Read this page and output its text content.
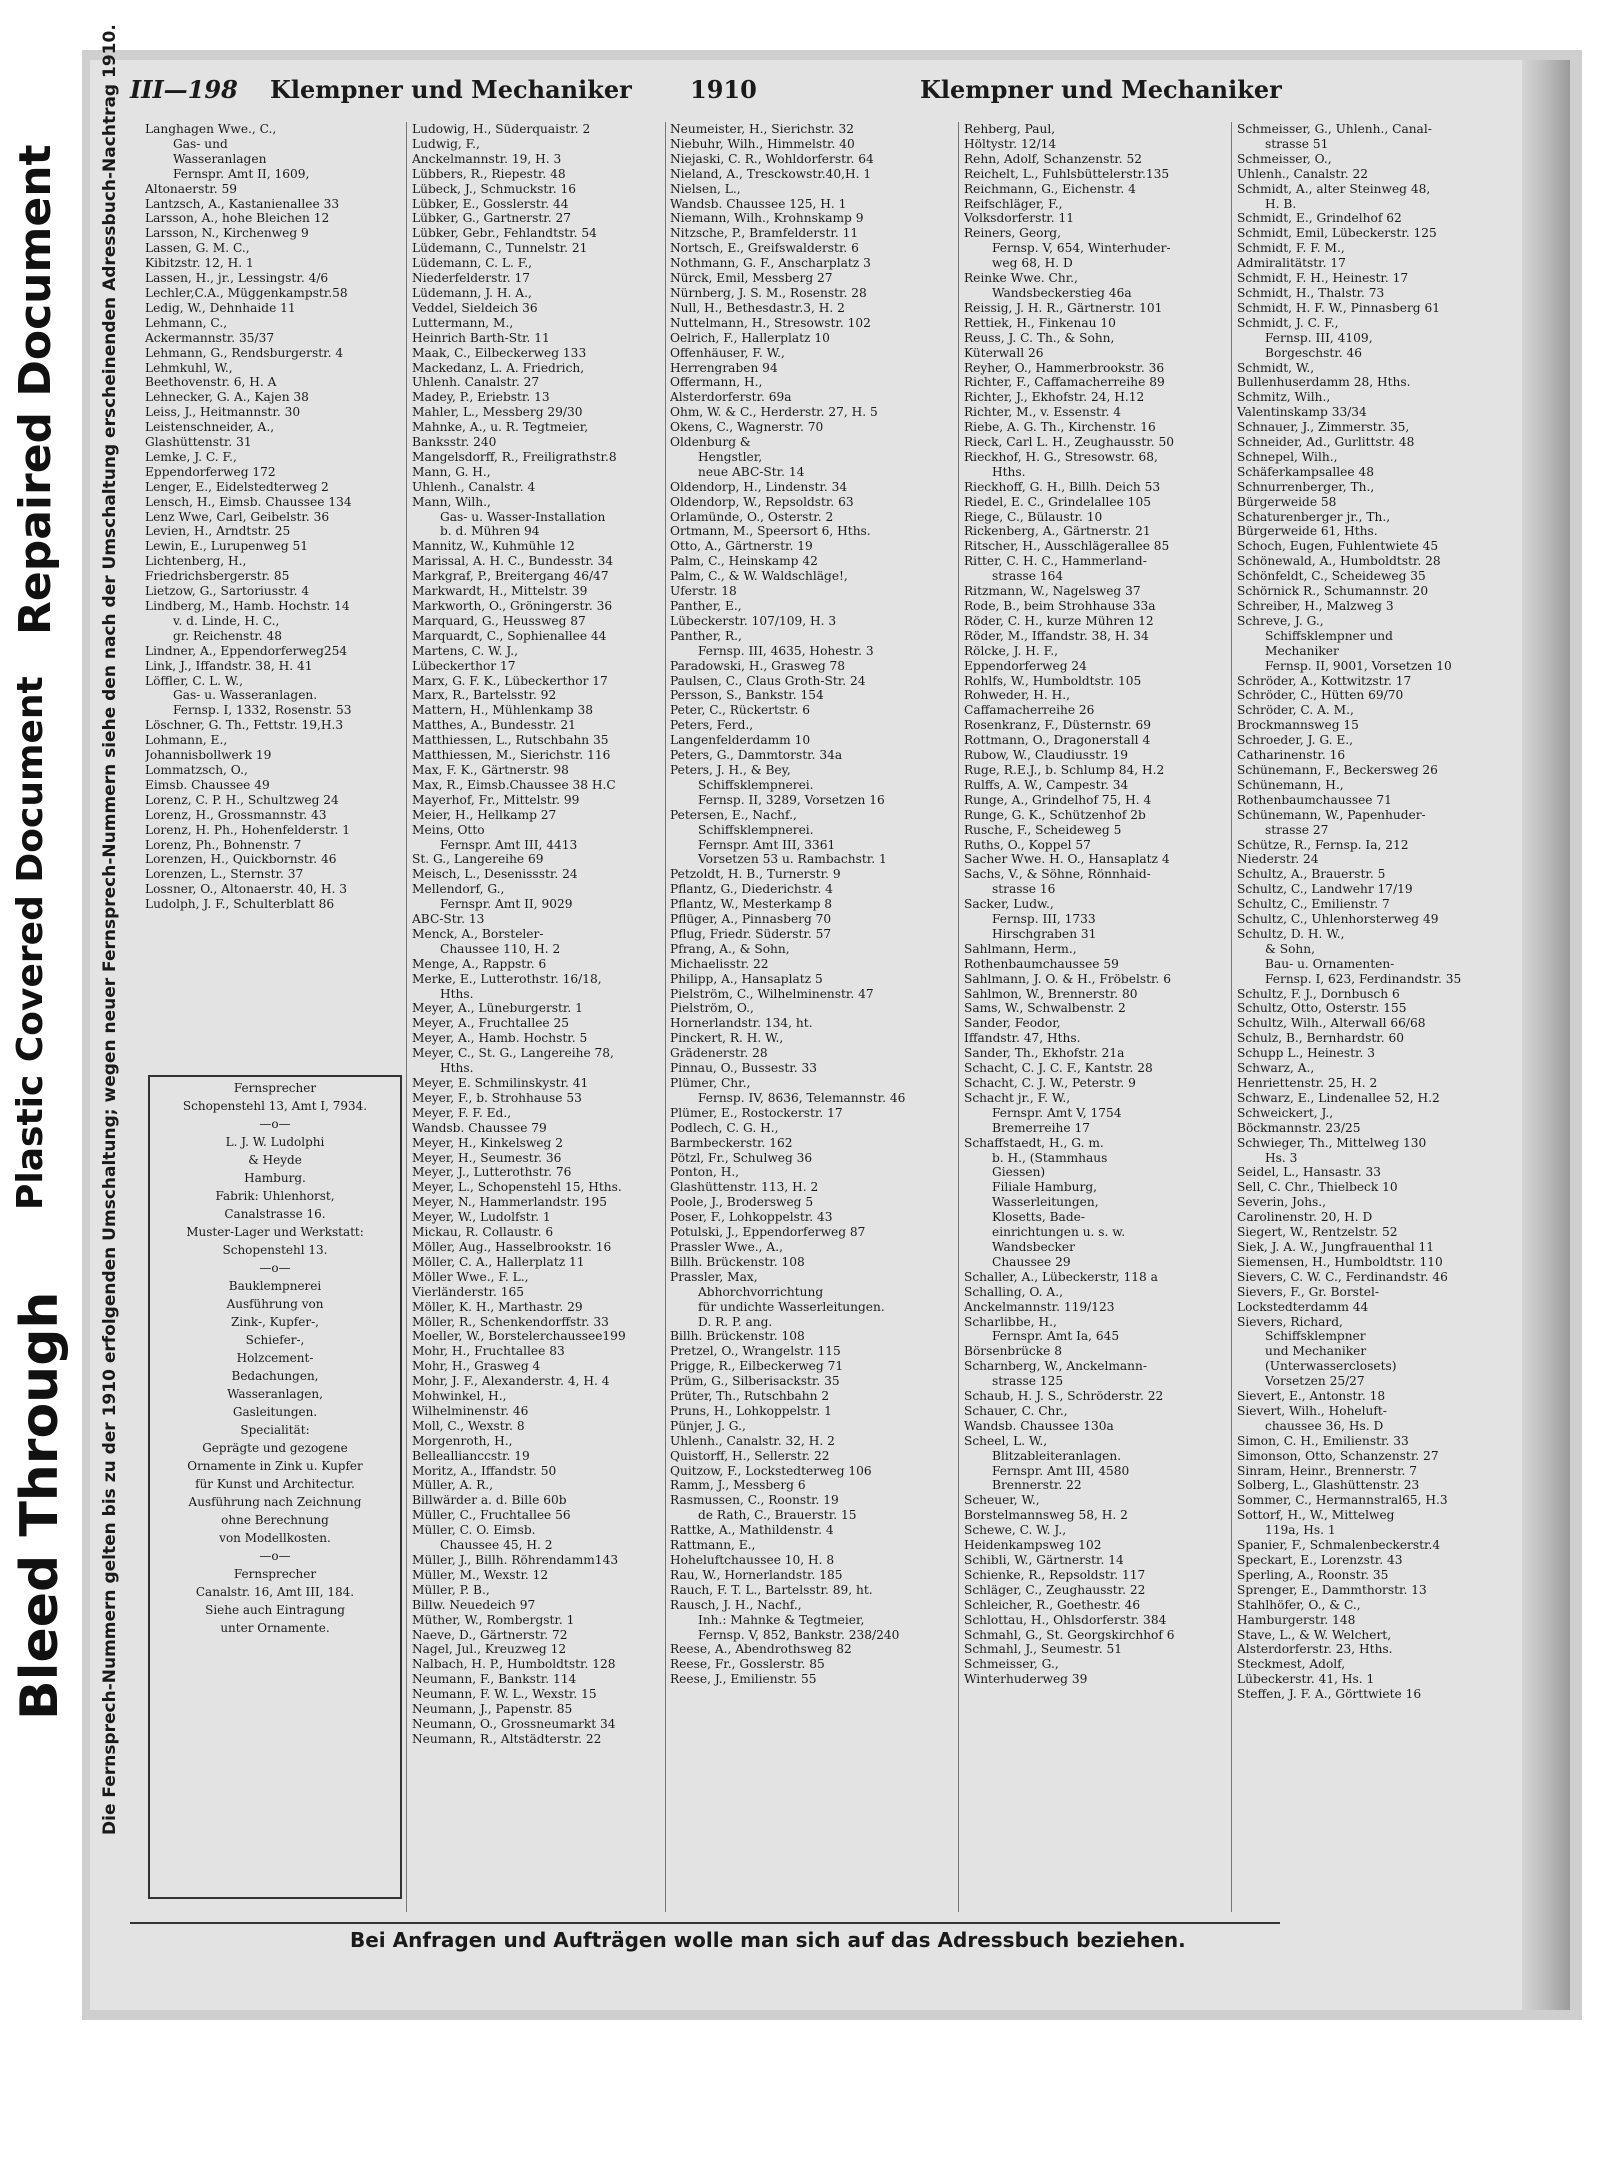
Bleed Through
Plastic Covered Document
Repaired Document
III—198 Klempner und Mechaniker 1910	Klempner und Mechaniker
Die Fernsprech-Nummern gelten bis zu der 1910 erfolgenden Umschaltung; wegen neuer Fernsprech-Nummern siehe den nach der Umschaltung erscheinenden Adressbuch-Nachtrag 1910. Langhagen Wwe., C.,
Gas- und
Wasseranlagen
Fernspr. Amt II, 1609,
Altonaerstr. 59
Lantzsch, A., Kastanienallee 33
Larsson, A., hohe Bleichen 12
Larsson, N., Kirchenweg 9
Lassen, G. M. C.,
Kibitzstr. 12, H. 1
Lassen, H., jr., Lessingstr. 4/6
Lechler,C.A., Müggenkampstr.58
Ledig, W., Dehnhaide 11
Lehmann, C.,
Ackermannstr. 35/37
Lehmann, G., Rendsburgerstr. 4
Lehmkuhl, W.,
Beethovenstr. 6, H. A
Lehnecker, G. A., Kajen 38
Leiss, J., Heitmannstr. 30
Leistenschneider, A.,
Glashüttenstr. 31
Lemke, J. C. F.,
Eppendorferweg 172
Lenger, E., Eidelstedterweg 2
Lensch, H., Eimsb. Chaussee 134
Lenz Wwe, Carl, Geibelstr. 36
Levien, H., Arndtstr. 25
Lewin, E., Lurupenweg 51
Lichtenberg, H.,
Friedrichsbergerstr. 85
Lietzow, G., Sartoriusstr. 4
Lindberg, M., Hamb. Hochstr. 14
v. d. Linde, H. C.,
gr. Reichenstr. 48
Lindner, A., Eppendorferweg254
Link, J., Iffandstr. 38, H. 41
Löffler, C. L. W.,
Gas- u. Wasseranlagen.
Fernsp. I, 1332, Rosenstr. 53
Löschner, G. Th., Fettstr. 19,H.3
Lohmann, E.,
Johannisbollwerk 19
Lommatzsch, O.,
Eimsb. Chaussee 49
Lorenz, C. P. H., Schultzweg 24
Lorenz, H., Grossmannstr. 43
Lorenz, H. Ph., Hohenfelderstr. 1
Lorenz, Ph., Bohnenstr. 7
Lorenzen, H., Quickbornstr. 46
Lorenzen, L., Sternstr. 37
Lossner, O., Altonaerstr. 40, H. 3
Ludolph, J. F., Schulterblatt 86
Ludowig, H., Süderquaistr. 2
Ludwig, F.,
Anckelmannstr. 19, H. 3
Lübbers, R., Riepestr. 48
Lübeck, J., Schmuckstr. 16
Lübker, E., Gosslerstr. 44
Lübker, G., Gartnerstr. 27
Lübker, Gebr., Fehlandtstr. 54
Lüdemann, C., Tunnelstr. 21
Lüdemann, C. L. F.,
Niederfelderstr. 17
Lüdemann, J. H. A.,
Veddel, Sieldeich 36
Luttermann, M.,
Heinrich Barth-Str. 11
Maak, C., Eilbeckerweg 133
Mackedanz, L. A. Friedrich,
Uhlenh. Canalstr. 27
Madey, P., Eriebstr. 13
Mahler, L., Messberg 29/30
Mahnke, A., u. R. Tegtmeier,
Banksstr. 240
Mangelsdorff, R., Freiligrathstr.8
Mann, G. H.,
Uhlenh., Canalstr. 4
Mann, Wilh.,
Gas- u. Wasser-Installation
b. d. Mühren 94
Mannitz, W., Kuhmühle 12
Marissal, A. H. C., Bundesstr. 34
Markgraf, P., Breitergang 46/47
Markwardt, H., Mittelstr. 39
Markworth, O., Gröningerstr. 36
Marquard, G., Heussweg 87
Marquardt, C., Sophienallee 44
Martens, C. W. J.,
Lübeckerthor 17
Marx, G. F. K., Lübeckerthor 17
Marx, R., Bartelsstr. 92
Mattern, H., Mühlenkamp 38
Matthes, A., Bundesstr. 21
Matthiessen, L., Rutschbahn 35
Matthiessen, M., Sierichstr. 116
Max, F. K., Gärtnerstr. 98
Max, R., Eimsb.Chaussee 38 H.C
Mayerhof, Fr., Mittelstr. 99
Meier, H., Hellkamp 27
Meins, Otto
Fernspr. Amt III, 4413
St. G., Langereihe 69
Meisch, L., Desenissstr. 24
Mellendorf, G.,
Fernspr. Amt II, 9029
ABC-Str. 13
Menck, A., Borsteler-
Chaussee 110, H. 2
Menge, A., Rappstr. 6
Merke, E., Lutterothstr. 16/18,
Hths.
Meyer, A., Lüneburgerstr. 1
Meyer, A., Fruchtallee 25
Meyer, A., Hamb. Hochstr. 5
Meyer, C., St. G., Langereihe 78,
Hths.
Meyer, E. Schmilinskystr. 41
Meyer, F., b. Strohhause 53
Meyer, F. F. Ed.,
Wandsb. Chaussee 79
Meyer, H., Kinkelsweg 2
Meyer, H., Seumestr. 36
Meyer, J., Lutterothstr. 76
Meyer, L., Schopenstehl 15, Hths.
Meyer, N., Hammerlandstr. 195
Meyer, W., Ludolfstr. 1
Mickau, R. Collaustr. 6
Möller, Aug., Hasselbrookstr. 16
Möller, C. A., Hallerplatz 11
Möller Wwe., F. L.,
Vierländerstr. 165
Möller, K. H., Marthastr. 29
Möller, R., Schenkendorffstr. 33
Moeller, W., Borstelerchaussee199
Mohr, H., Fruchtallee 83
Mohr, H., Grasweg 4
Mohr, J. F., Alexanderstr. 4, H. 4
Mohwinkel, H.,
Wilhelminenstr. 46
Moll, C., Wexstr. 8
Morgenroth, H.,
Belleallianccstr. 19
Moritz, A., Iffandstr. 50
Müller, A. R.,
Billwärder a. d. Bille 60b
Müller, C., Fruchtallee 56
Müller, C. O. Eimsb.
Chaussee 45, H. 2
Müller, J., Billh. Röhrendamm143
Müller, M., Wexstr. 12
Müller, P. B.,
Billw. Neuedeich 97
Müther, W., Rombergstr. 1
Naeve, D., Gärtnerstr. 72
Nagel, Jul., Kreuzweg 12
Nalbach, H. P., Humboldtstr. 128
Neumann, F., Bankstr. 114
Neumann, F. W. L., Wexstr. 15
Neumann, J., Papenstr. 85
Neumann, O., Grossneumarkt 34
Neumann, R., Altstädterstr. 22
Neumeister, H., Sierichstr. 32
Niebuhr, Wilh., Himmelstr. 40
Niejaski, C. R., Wohldorferstr. 64
Nieland, A., Tresckowstr.40,H. 1
Nielsen, L.,
Wandsb. Chaussee 125, H. 1
Niemann, Wilh., Krohnskamp 9
Nitzsche, P., Bramfelderstr. 11
Nortsch, E., Greifswalderstr. 6
Nothmann, G. F., Anscharplatz 3
Nürck, Emil, Messberg 27
Nürnberg, J. S. M., Rosenstr. 28
Null, H., Bethesdastr.3, H. 2
Nuttelmann, H., Stresowstr. 102
Oelrich, F., Hallerplatz 10
Offenhäuser, F. W.,
Herrengraben 94
Offermann, H.,
Alsterdorferstr. 69a
Ohm, W. & C., Herderstr. 27, H. 5
Okens, C., Wagnerstr. 70
Oldenburg &
Hengstler,
neue ABC-Str. 14
Oldendorp, H., Lindenstr. 34
Oldendorp, W., Repsoldstr. 63
Orlamünde, O., Osterstr. 2
Ortmann, M., Speersort 6, Hths.
Otto, A., Gärtnerstr. 19
Palm, C., Heinskamp 42
Palm, C., & W. Waldschläge!,
Uferstr. 18
Panther, E.,
Lübeckerstr. 107/109, H. 3
Panther, R.,
Fernsp. III, 4635, Hohestr. 3
Paradowski, H., Grasweg 78
Paulsen, C., Claus Groth-Str. 24
Persson, S., Bankstr. 154
Peter, C., Rückertstr. 6
Peters, Ferd.,
Langenfelderdamm 10
Peters, G., Dammtorstr. 34a
Peters, J. H., & Bey,
Schiffsklempnerei.
Fernsp. II, 3289, Vorsetzen 16
Petersen, E., Nachf.,
Schiffsklempnerei.
Fernspr. Amt III, 3361
Vorsetzen 53 u. Rambachstr. 1
Petzoldt, H. B., Turnerstr. 9
Pflantz, G., Diederichstr. 4
Pflantz, W., Mesterkamp 8
Pflüger, A., Pinnasberg 70
Pflug, Friedr. Süderstr. 57
Pfrang, A., & Sohn,
Michaelisstr. 22
Philipp, A., Hansaplatz 5
Pielström, C., Wilhelminenstr. 47
Pielström, O.,
Hornerlandstr. 134, ht.
Pinckert, R. H. W.,
Grädenerstr. 28
Pinnau, O., Bussestr. 33
Plümer, Chr.,
Fernsp. IV, 8636, Telemannstr. 46
Plümer, E., Rostockerstr. 17
Podlech, C. G. H.,
Barmbeckerstr. 162
Pötzl, Fr., Schulweg 36
Ponton, H.,
Glashüttenstr. 113, H. 2
Poole, J., Brodersweg 5
Poser, F., Lohkoppelstr. 43
Potulski, J., Eppendorferweg 87
Prassler Wwe., A.,
Billh. Brückenstr. 108
Prassler, Max,
Abhorchvorrichtung
für undichte Wasserleitungen.
D. R. P. ang.
Billh. Brückenstr. 108
Pretzel, O., Wrangelstr. 115
Prigge, R., Eilbeckerweg 71
Prüm, G., Silberisackstr. 35
Prüter, Th., Rutschbahn 2
Pruns, H., Lohkoppelstr. 1
Pünjer, J. G.,
Uhlenh., Canalstr. 32, H. 2
Quistorff, H., Sellerstr. 22
Quitzow, F., Lockstedterweg 106
Ramm, J., Messberg 6
Rasmussen, C., Roonstr. 19
de Rath, C., Brauerstr. 15
Rattke, A., Mathildenstr. 4
Rattmann, E.,
Hoheluftchaussee 10, H. 8
Rau, W., Hornerlandstr. 185
Rauch, F. T. L., Bartelsstr. 89, ht.
Rausch, J. H., Nachf.,
Inh.: Mahnke & Tegtmeier,
Fernsp. V, 852, Bankstr. 238/240
Reese, A., Abendrothsweg 82
Reese, Fr., Gosslerstr. 85
Reese, J., Emilienstr. 55
Rehberg, Paul,
Höltystr. 12/14
Rehn, Adolf, Schanzenstr. 52
Reichelt, L., Fuhlsbüttelerstr.135
Reichmann, G., Eichenstr. 4
Reifschläger, F.,
Volksdorferstr. 11
Reiners, Georg,
Fernsp. V, 654, Winterhuder-
weg 68, H. D
Reinke Wwe. Chr.,
Wandsbeckerstieg 46a
Reissig, J. H. R., Gärtnerstr. 101
Rettiek, H., Finkenau 10
Reuss, J. C. Th., & Sohn,
Küterwall 26
Reyher, O., Hammerbrookstr. 36
Richter, F., Caffamacherreihe 89
Richter, J., Ekhofstr. 24, H.12
Richter, M., v. Essenstr. 4
Riebe, A. G. Th., Kirchenstr. 16
Rieck, Carl L. H., Zeughausstr. 50
Rieckhof, H. G., Stresowstr. 68,
Hths.
Rieckhoff, G. H., Billh. Deich 53
Riedel, E. C., Grindelallee 105
Riege, C., Bülaustr. 10
Rickenberg, A., Gärtnerstr. 21
Ritscher, H., Ausschlägerallee 85
Ritter, C. H. C., Hammerland-
strasse 164
Ritzmann, W., Nagelsweg 37
Rode, B., beim Strohhause 33a
Röder, C. H., kurze Mühren 12
Röder, M., Iffandstr. 38, H. 34
Rölcke, J. H. F.,
Eppendorferweg 24
Rohlfs, W., Humboldtstr. 105
Rohweder, H. H.,
Caffamacherreihe 26
Rosenkranz, F., Düsternstr. 69
Rottmann, O., Dragonerstall 4
Rubow, W., Claudiusstr. 19
Ruge, R.E.J., b. Schlump 84, H.2
Rulffs, A. W., Campestr. 34
Runge, A., Grindelhof 75, H. 4
Runge, G. K., Schützenhof 2b
Rusche, F., Scheideweg 5
Ruths, O., Koppel 57
Sacher Wwe. H. O., Hansaplatz 4
Sachs, V., & Söhne, Rönnhaid-
strasse 16
Sacker, Ludw.,
Fernsp. III, 1733
Hirschgraben 31
Sahlmann, Herm.,
Rothenbaumchaussee 59
Sahlmann, J. O. & H., Fröbelstr. 6
Sahlmon, W., Brennerstr. 80
Sams, W., Schwalbenstr. 2
Sander, Feodor,
Iffandstr. 47, Hths.
Sander, Th., Ekhofstr. 21a
Schacht, C. J. C. F., Kantstr. 28
Schacht, C. J. W., Peterstr. 9
Schacht jr., F. W.,
Fernspr. Amt V, 1754
Bremerreihe 17
Schaffstaedt, H., G. m.
b. H., (Stammhaus
Giessen)
Filiale Hamburg,
Wasserleitungen,
Klosetts, Bade-
einrichtungen u. s. w.
Wandsbecker
Chaussee 29
Schaller, A., Lübeckerstr, 118 a
Schalling, O. A.,
Anckelmannstr. 119/123
Scharlibbe, H.,
Fernspr. Amt Ia, 645
Börsenbrücke 8
Scharnberg, W., Anckelmann-
strasse 125
Schaub, H. J. S., Schröderstr. 22
Schauer, C. Chr.,
Wandsb. Chaussee 130a
Scheel, L. W.,
Blitzableiteranlagen.
Fernspr. Amt III, 4580
Brennerstr. 22
Scheuer, W.,
Borstelmannsweg 58, H. 2
Schewe, C. W. J.,
Heidenkampsweg 102
Schibli, W., Gärtnerstr. 14
Schienke, R., Repsoldstr. 117
Schläger, C., Zeughausstr. 22
Schleicher, R., Goethestr. 46
Schlottau, H., Ohlsdorferstr. 384
Schmahl, G., St. Georgskirchhof 6
Schmahl, J., Seumestr. 51
Schmeisser, G.,
Winterhuderweg 39
Schmeisser, G., Uhlenh., Canal-
strasse 51
Schmeisser, O.,
Uhlenh., Canalstr. 22
Schmidt, A., alter Steinweg 48,
H. B.
Schmidt, E., Grindelhof 62
Schmidt, Emil, Lübeckerstr. 125
Schmidt, F. F. M.,
Admiralitätstr. 17
Schmidt, F. H., Heinestr. 17
Schmidt, H., Thalstr. 73
Schmidt, H. F. W., Pinnasberg 61
Schmidt, J. C. F.,
Fernsp. III, 4109,
Borgeschstr. 46
Schmidt, W.,
Bullenhuserdamm 28, Hths.
Schmitz, Wilh.,
Valentinskamp 33/34
Schnauer, J., Zimmerstr. 35,
Schneider, Ad., Gurlittstr. 48
Schnepel, Wilh.,
Schäferkampsallee 48
Schnurrenberger, Th.,
Bürgerweide 58
Schaturenberger jr., Th.,
Bürgerweide 61, Hths.
Schoch, Eugen, Fuhlentwiete 45
Schönewald, A., Humboldtstr. 28
Schönfeldt, C., Scheideweg 35
Schörnick R., Schumannstr. 20
Schreiber, H., Malzweg 3
Schreve, J. G.,
Schiffsklempner und
Mechaniker
Fernsp. II, 9001, Vorsetzen 10
Schröder, A., Kottwitzstr. 17
Schröder, C., Hütten 69/70
Schröder, C. A. M.,
Brockmannsweg 15
Schroeder, J. G. E.,
Catharinenstr. 16
Schünemann, F., Beckersweg 26
Schünemann, H.,
Rothenbaumchaussee 71
Schünemann, W., Papenhuder-
strasse 27
Schütze, R., Fernsp. Ia, 212
Niederstr. 24
Schultz, A., Brauerstr. 5
Schultz, C., Landwehr 17/19
Schultz, C., Emilienstr. 7
Schultz, C., Uhlenhorsterweg 49
Schultz, D. H. W.,
& Sohn,
Bau- u. Ornamenten-
Fernsp. I, 623, Ferdinandstr. 35
Schultz, F. J., Dornbusch 6
Schultz, Otto, Osterstr. 155
Schultz, Wilh., Alterwall 66/68
Schulz, B., Bernhardstr. 60
Schupp L., Heinestr. 3
Schwarz, A.,
Henriettenstr. 25, H. 2
Schwarz, E., Lindenallee 52, H.2
Schweickert, J.,
Böckmannstr. 23/25
Schwieger, Th., Mittelweg 130
Hs. 3
Seidel, L., Hansastr. 33
Sell, C. Chr., Thielbeck 10
Severin, Johs.,
Carolinenstr. 20, H. D
Siegert, W., Rentzelstr. 52
Siek, J. A. W., Jungfrauenthal 11
Siemensen, H., Humboldtstr. 110
Sievers, C. W. C., Ferdinandstr. 46
Sievers, F., Gr. Borstel-
Lockstedterdamm 44
Sievers, Richard,
Schiffsklempner
und Mechaniker
(Unterwasserclosets)
Vorsetzen 25/27
Sievert, E., Antonstr. 18
Sievert, Wilh., Hoheluft-
chaussee 36, Hs. D
Simon, C. H., Emilienstr. 33
Simonson, Otto, Schanzenstr. 27
Sinram, Heinr., Brennerstr. 7
Solberg, L., Glashüttenstr. 23
Sommer, C., Hermannstral65, H.3
Sottorf, H., W., Mittelweg
119a, Hs. 1
Spanier, F., Schmalenbeckerstr.4
Speckart, E., Lorenzstr. 43
Sperling, A., Roonstr. 35
Sprenger, E., Dammthorstr. 13
Stahlhöfer, O., & C.,
Hamburgerstr. 148
Stave, L., & W. Welchert,
Alsterdorferstr. 23, Hths.
Steckmest, Adolf,
Lübeckerstr. 41, Hs. 1
Steffen, J. F. A., Görttwiete 16
Fernsprecher
Schopenstehl 13, Amt I, 7934.
—o—
L. J. W. Ludolphi
& Heyde
Hamburg.
Fabrik: Uhlenhorst,
Canalstrasse 16.
Muster-Lager und Werkstatt:
Schopenstehl 13.
—o—
Bauklempnerei
Ausführung von
Zink-, Kupfer-,
Schiefer-,
Holzcement-
Bedachungen,
Wasseranlagen,
Gasleitungen.
Specialität:
Geprägte und gezogene
Ornamente in Zink u. Kupfer
für Kunst und Architectur.
Ausführung nach Zeichnung
ohne Berechnung
von Modellkosten.
—o—
Fernsprecher
Canalstr. 16, Amt III, 184.
Siehe auch Eintragung
unter Ornamente.
Bei Anfragen und Aufträgen wolle man sich auf das Adressbuch beziehen.
